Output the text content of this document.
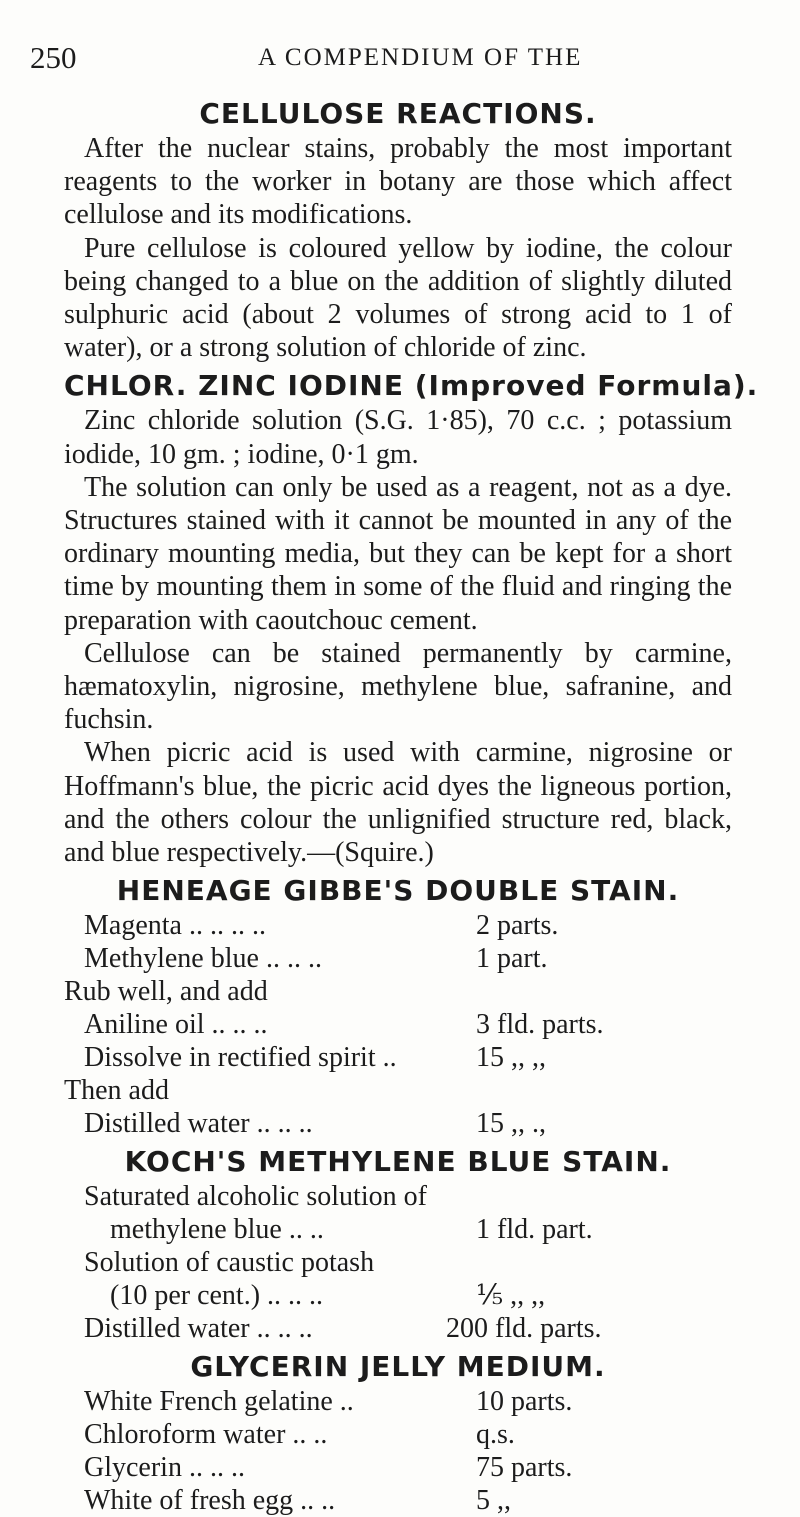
250	A COMPENDIUM OF THE
CELLULOSE REACTIONS.

After the nuclear stains, probably the most important reagents to the worker in botany are those which affect cellulose and its modifications.

Pure cellulose is coloured yellow by iodine, the colour being changed to a blue on the addition of slightly diluted sulphuric acid (about 2 volumes of strong acid to 1 of water), or a strong solution of chloride of zinc.

CHLOR. ZINC IODINE (Improved Formula).

Zinc chloride solution (S.G. 1·85), 70 c.c. ; potassium iodide, 10 gm. ; iodine, 0·1 gm.

The solution can only be used as a reagent, not as a dye. Structures stained with it cannot be mounted in any of the ordinary mounting media, but they can be kept for a short time by mounting them in some of the fluid and ringing the preparation with caoutchouc cement.

Cellulose can be stained permanently by carmine, hæmatoxylin, nigrosine, methylene blue, safranine, and fuchsin.

When picric acid is used with carmine, nigrosine or Hoffmann's blue, the picric acid dyes the ligneous portion, and the others colour the unlignified structure red, black, and blue respectively.—(Squire.)

HENEAGE GIBBE'S DOUBLE STAIN.
Magenta .. .. .. ..	2 parts.
Methylene blue .. .. ..	1 part.
Rub well, and add
Aniline oil .. .. ..	3 fld. parts.
Dissolve in rectified spirit ..	15 ,, ,,
Then add
Distilled water .. .. ..	15 ,, .,
KOCH'S METHYLENE BLUE STAIN.
Saturated alcoholic solution of
methylene blue .. ..	1 fld. part.
Solution of caustic potash
(10 per cent.) .. .. ..	⅕ ,, ,,
Distilled water .. .. ..	200 fld. parts.
GLYCERIN JELLY MEDIUM.
White French gelatine ..	10 parts.
Chloroform water .. ..	q.s.
Glycerin .. .. ..	75 parts.
White of fresh egg .. ..	5 ,,
